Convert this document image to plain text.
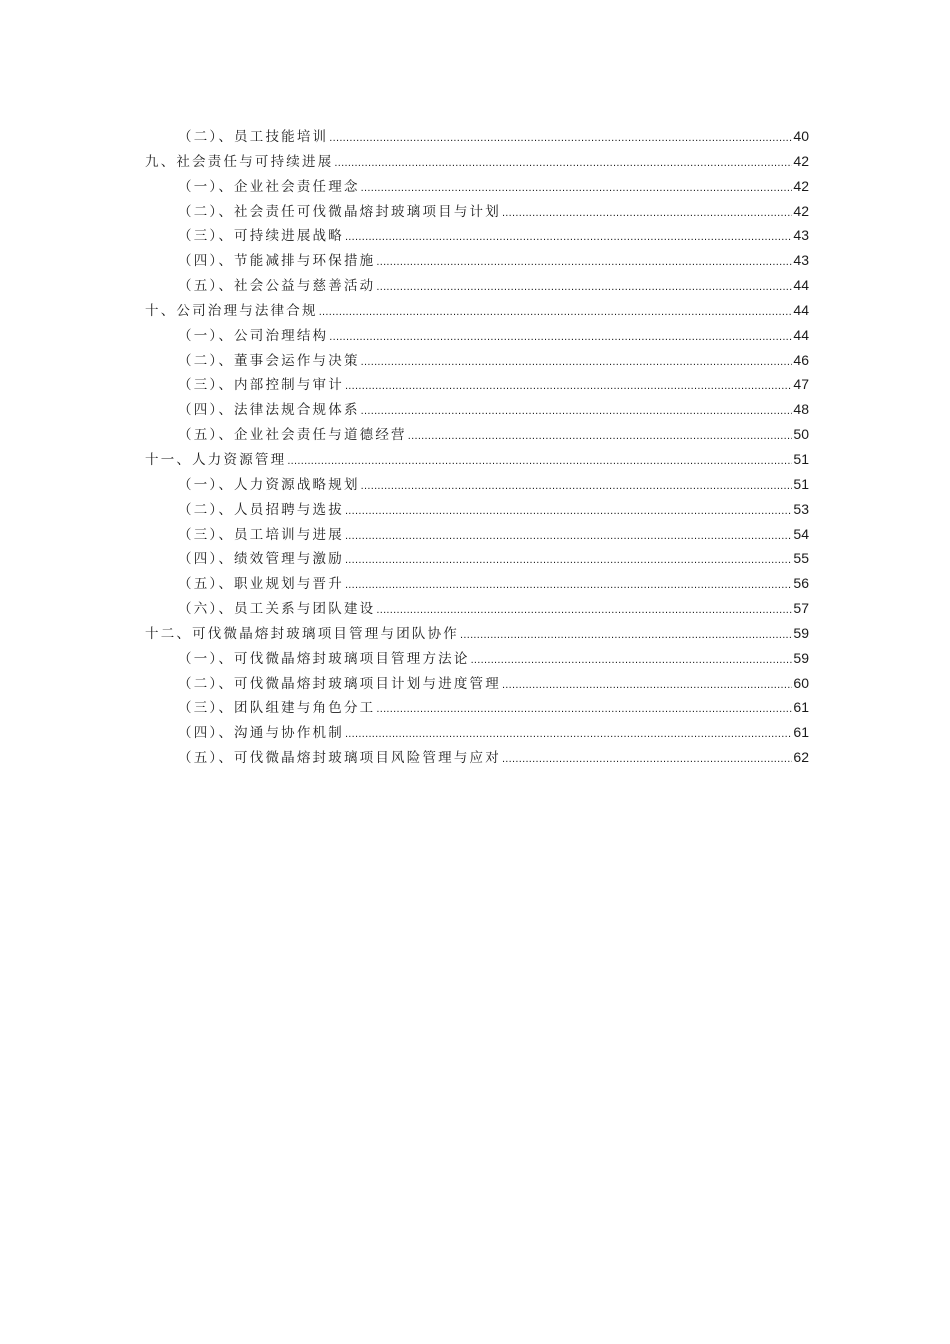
（二）、员工技能培训 .....	40
九、社会责任与可持续进展 .....	42
（一）、企业社会责任理念 .....	42
（二）、社会责任可伐微晶熔封玻璃项目与计划 .....	42
（三）、可持续进展战略 .....	43
（四）、节能减排与环保措施 .....	43
（五）、社会公益与慈善活动 .....	44
十、公司治理与法律合规 .....	44
（一）、公司治理结构 .....	44
（二）、董事会运作与决策 .....	46
（三）、内部控制与审计 .....	47
（四）、法律法规合规体系 .....	48
（五）、企业社会责任与道德经营 .....	50
十一、人力资源管理 .....	51
（一）、人力资源战略规划 .....	51
（二）、人员招聘与选拔 .....	53
（三）、员工培训与进展 .....	54
（四）、绩效管理与激励 .....	55
（五）、职业规划与晋升 .....	56
（六）、员工关系与团队建设 .....	57
十二、可伐微晶熔封玻璃项目管理与团队协作 .....	59
（一）、可伐微晶熔封玻璃项目管理方法论 .....	59
（二）、可伐微晶熔封玻璃项目计划与进度管理 .....	60
（三）、团队组建与角色分工 .....	61
（四）、沟通与协作机制 .....	61
（五）、可伐微晶熔封玻璃项目风险管理与应对 .....	62
